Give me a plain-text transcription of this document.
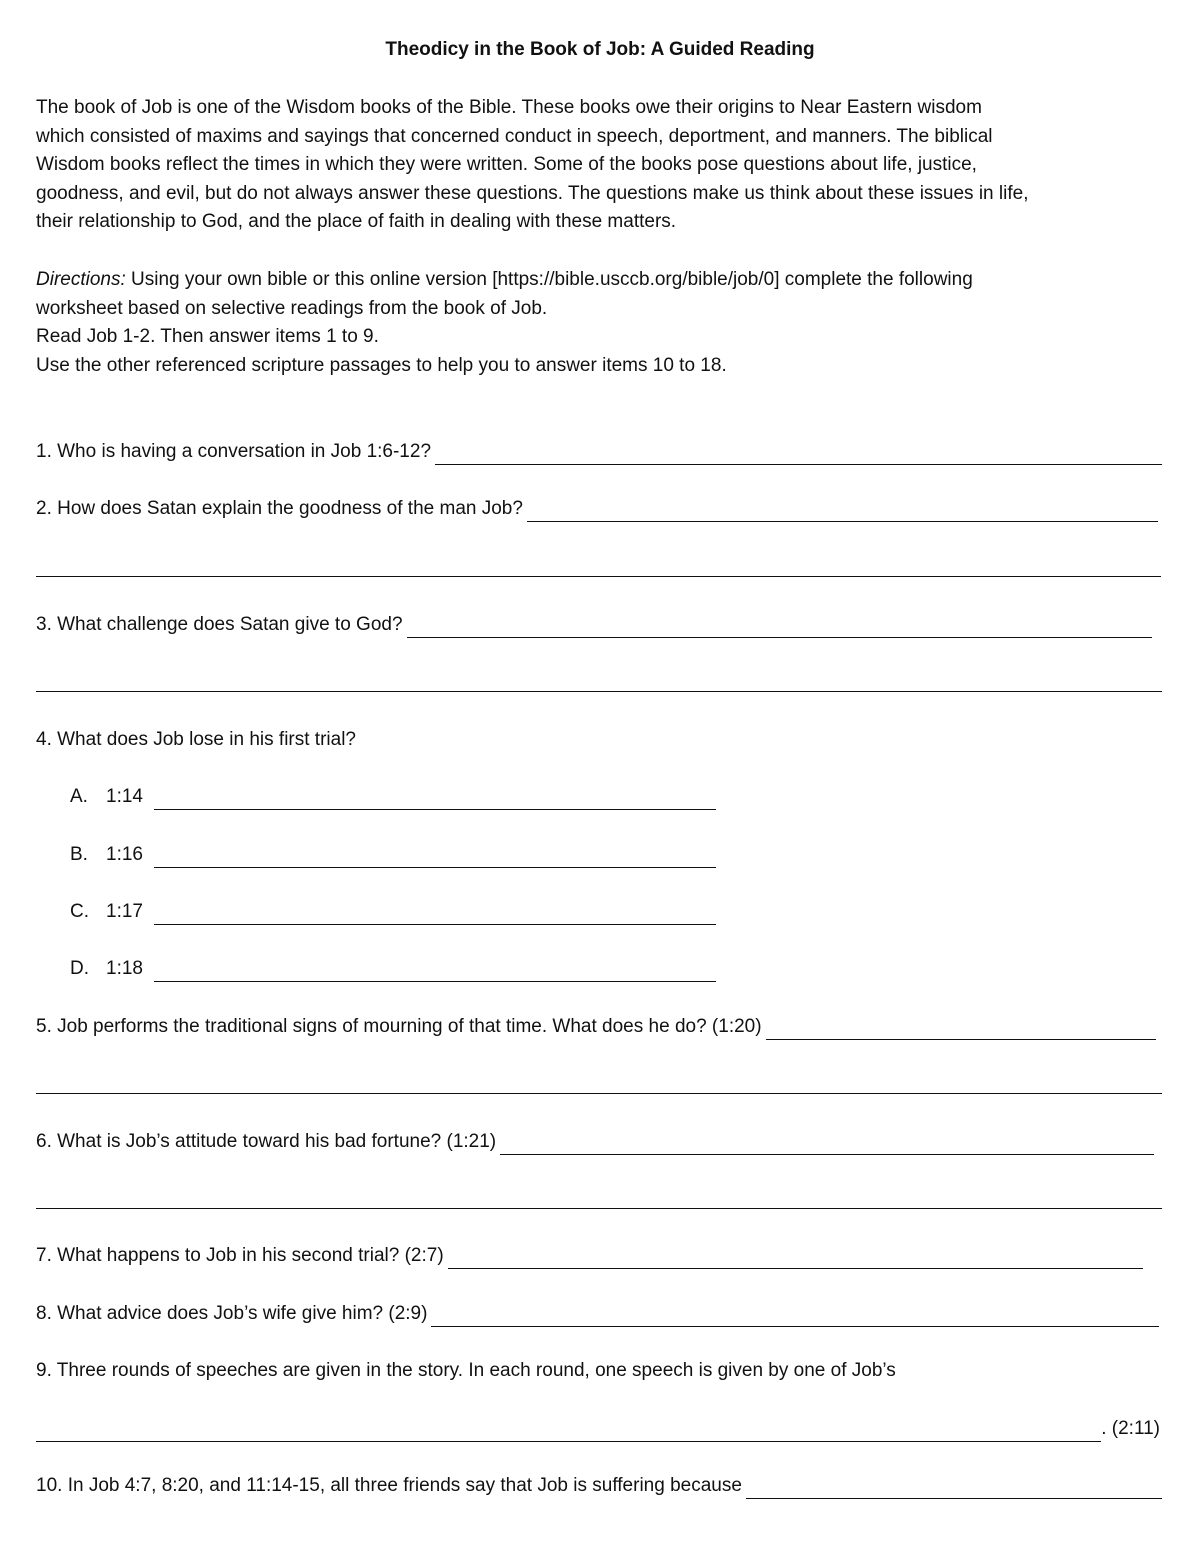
Theodicy in the Book of Job: A Guided Reading
The book of Job is one of the Wisdom books of the Bible. These books owe their origins to Near Eastern wisdom
which consisted of maxims and sayings that concerned conduct in speech, deportment, and manners. The biblical
Wisdom books reflect the times in which they were written. Some of the books pose questions about life, justice,
goodness, and evil, but do not always answer these questions. The questions make us think about these issues in life,
their relationship to God, and the place of faith in dealing with these matters.
Directions: Using your own bible or this online version [https://bible.usccb.org/bible/job/0] complete the following
worksheet based on selective readings from the book of Job.
Read Job 1-2. Then answer items 1 to 9.
Use the other referenced scripture passages to help you to answer items 10 to 18.
1. Who is having a conversation in Job 1:6-12?
2. How does Satan explain the goodness of the man Job?
3. What challenge does Satan give to God?
4. What does Job lose in his first trial?
A. 1:14
B. 1:16
C. 1:17
D. 1:18
5. Job performs the traditional signs of mourning of that time. What does he do? (1:20)
6. What is Job’s attitude toward his bad fortune? (1:21)
7. What happens to Job in his second trial? (2:7)
8. What advice does Job’s wife give him? (2:9)
9. Three rounds of speeches are given in the story. In each round, one speech is given by one of Job’s
. (2:11)
10. In Job 4:7, 8:20, and 11:14-15, all three friends say that Job is suffering because
